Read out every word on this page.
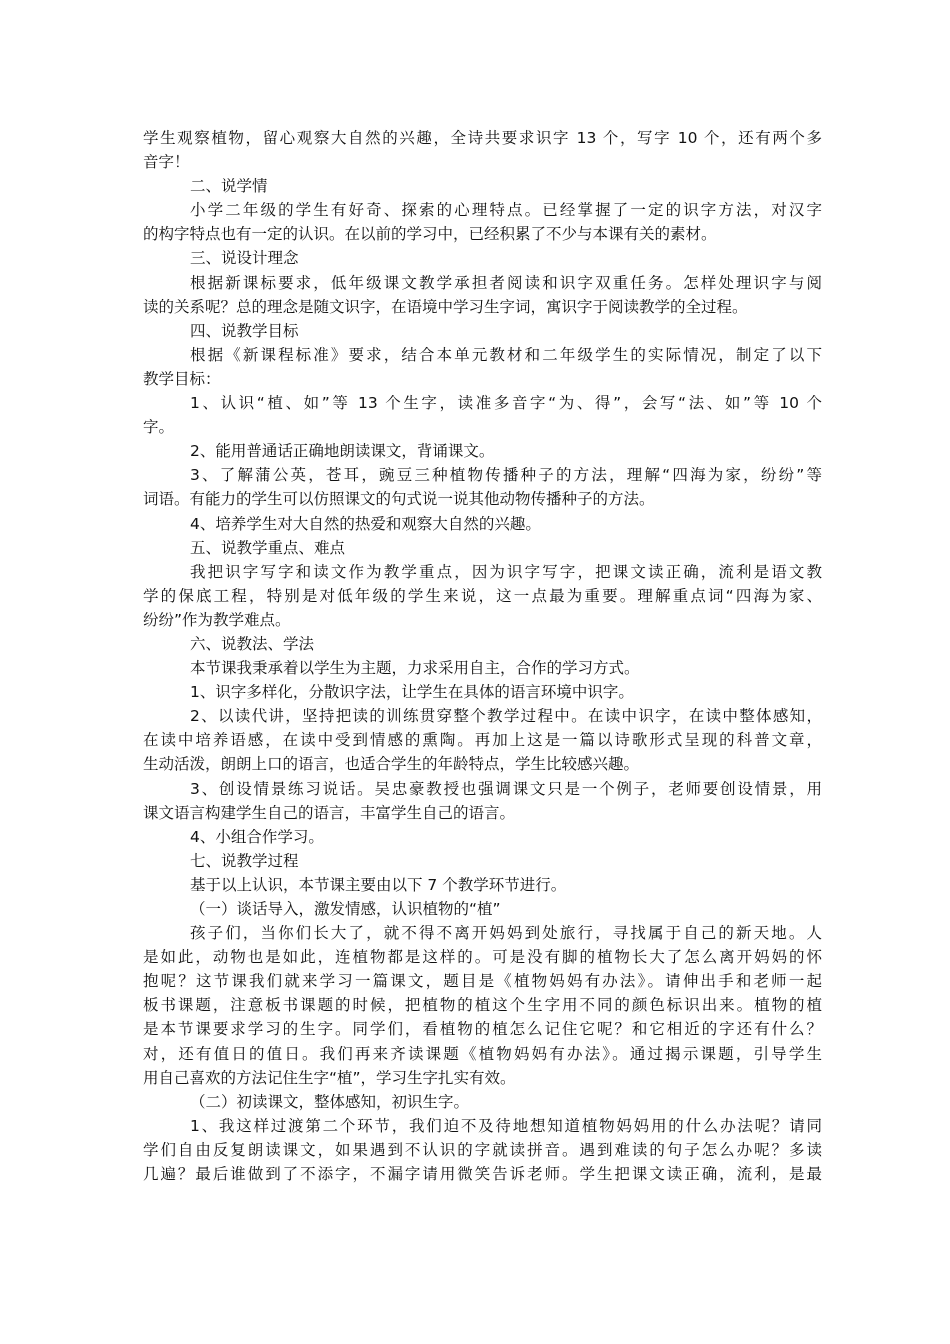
学生观察植物，留心观察大自然的兴趣，全诗共要求识字 13 个，写字 10 个，还有两个多
音字！
二、说学情
小学二年级的学生有好奇、探索的心理特点。已经掌握了一定的识字方法，对汉字
的构字特点也有一定的认识。在以前的学习中，已经积累了不少与本课有关的素材。
三、说设计理念
根据新课标要求，低年级课文教学承担者阅读和识字双重任务。怎样处理识字与阅
读的关系呢？总的理念是随文识字，在语境中学习生字词，寓识字于阅读教学的全过程。
四、说教学目标
根据《新课程标准》要求，结合本单元教材和二年级学生的实际情况，制定了以下
教学目标：
1、认识“植、如”等 13 个生字，读准多音字“为、得”，会写“法、如”等 10 个
字。
2、能用普通话正确地朗读课文，背诵课文。
3、了解蒲公英，苍耳，豌豆三种植物传播种子的方法，理解“四海为家，纷纷”等
词语。有能力的学生可以仿照课文的句式说一说其他动物传播种子的方法。
4、培养学生对大自然的热爱和观察大自然的兴趣。
五、说教学重点、难点
我把识字写字和读文作为教学重点，因为识字写字，把课文读正确，流利是语文教
学的保底工程，特别是对低年级的学生来说，这一点最为重要。理解重点词“四海为家、
纷纷”作为教学难点。
六、说教法、学法
本节课我秉承着以学生为主题，力求采用自主，合作的学习方式。
1、识字多样化，分散识字法，让学生在具体的语言环境中识字。
2、以读代讲，坚持把读的训练贯穿整个教学过程中。在读中识字，在读中整体感知，
在读中培养语感，在读中受到情感的熏陶。再加上这是一篇以诗歌形式呈现的科普文章，
生动活泼，朗朗上口的语言，也适合学生的年龄特点，学生比较感兴趣。
3、创设情景练习说话。吴忠豪教授也强调课文只是一个例子，老师要创设情景，用
课文语言构建学生自己的语言，丰富学生自己的语言。
4、小组合作学习。
七、说教学过程
基于以上认识，本节课主要由以下 7 个教学环节进行。
（一）谈话导入，激发情感，认识植物的“植”
孩子们，当你们长大了，就不得不离开妈妈到处旅行，寻找属于自己的新天地。人
是如此，动物也是如此，连植物都是这样的。可是没有脚的植物长大了怎么离开妈妈的怀
抱呢？这节课我们就来学习一篇课文，题目是《植物妈妈有办法》。请伸出手和老师一起
板书课题，注意板书课题的时候，把植物的植这个生字用不同的颜色标识出来。植物的植
是本节课要求学习的生字。同学们，看植物的植怎么记住它呢？和它相近的字还有什么？
对，还有值日的值日。我们再来齐读课题《植物妈妈有办法》。通过揭示课题，引导学生
用自己喜欢的方法记住生字“植”，学习生字扎实有效。
（二）初读课文，整体感知，初识生字。
1、我这样过渡第二个环节，我们迫不及待地想知道植物妈妈用的什么办法呢？请同
学们自由反复朗读课文，如果遇到不认识的字就读拼音。遇到难读的句子怎么办呢？多读
几遍？最后谁做到了不添字，不漏字请用微笑告诉老师。学生把课文读正确，流利，是最
